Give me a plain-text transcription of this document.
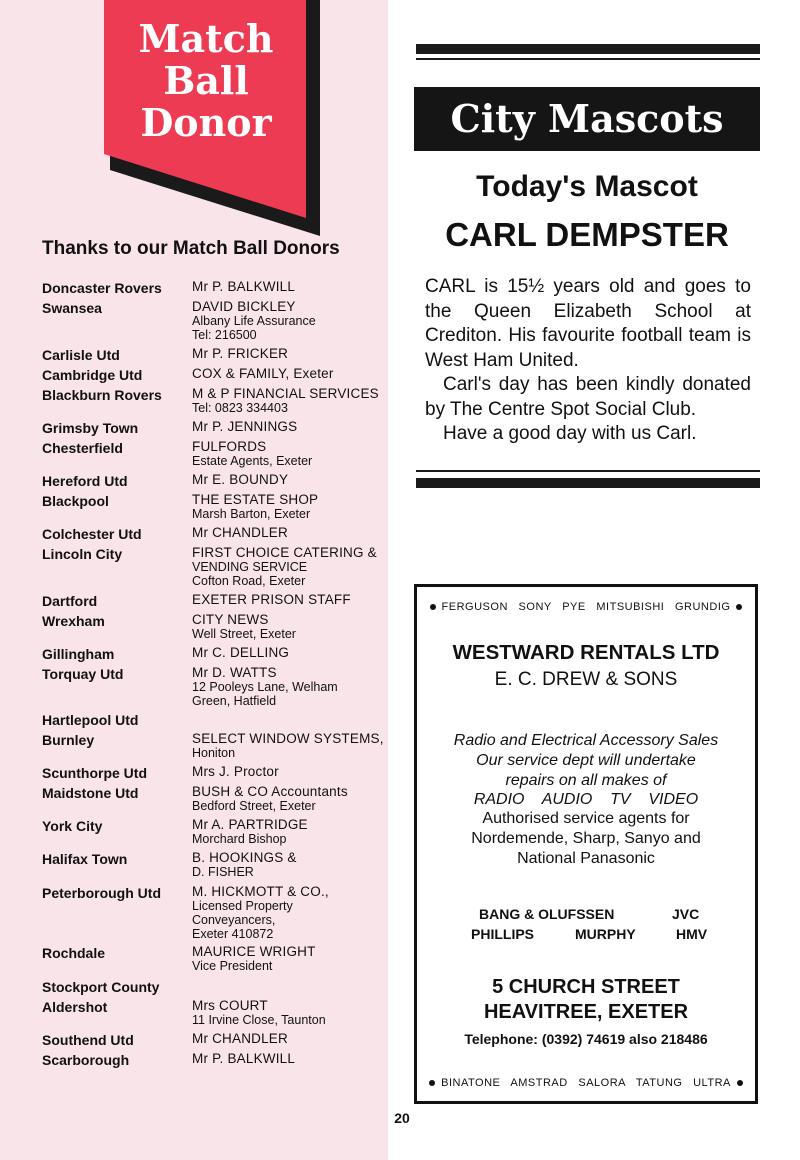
Match
Ball
Donor
Thanks to our Match Ball Donors
Doncaster Rovers	Mr P. BALKWILL
Swansea	DAVID BICKLEY
Albany Life Assurance
Tel: 216500
Carlisle Utd	Mr P. FRICKER
Cambridge Utd	COX & FAMILY, Exeter
Blackburn Rovers	M & P FINANCIAL SERVICES
Tel: 0823 334403
Grimsby Town	Mr P. JENNINGS
Chesterfield	FULFORDS
Estate Agents, Exeter
Hereford Utd	Mr E. BOUNDY
Blackpool	THE ESTATE SHOP
Marsh Barton, Exeter
Colchester Utd	Mr CHANDLER
Lincoln City	FIRST CHOICE CATERING &
VENDING SERVICE
Cofton Road, Exeter
Dartford	EXETER PRISON STAFF
Wrexham	CITY NEWS
Well Street, Exeter
Gillingham	Mr C. DELLING
Torquay Utd	Mr D. WATTS
12 Pooleys Lane, Welham
Green, Hatfield
Hartlepool Utd
Burnley	SELECT WINDOW SYSTEMS,
Honiton
Scunthorpe Utd	Mrs J. Proctor
Maidstone Utd	BUSH & CO Accountants
Bedford Street, Exeter
York City	Mr A. PARTRIDGE
Morchard Bishop
Halifax Town	B. HOOKINGS &
D. FISHER
Peterborough Utd	M. HICKMOTT & CO.,
Licensed Property
Conveyancers,
Exeter 410872
Rochdale	MAURICE WRIGHT
Vice President
Stockport County
Aldershot	Mrs COURT
11 Irvine Close, Taunton
Southend Utd	Mr CHANDLER
Scarborough	Mr P. BALKWILL
20
City Mascots
Today's Mascot
CARL DEMPSTER

CARL is 15½ years old and goes to the Queen Elizabeth School at Crediton. His favourite football team is West Ham United.

Carl's day has been kindly donated by The Centre Spot Social Club.

Have a good day with us Carl.

FERGUSON   SONY   PYE   MITSUBISHI   GRUNDIG
WESTWARD RENTALS LTD
E. C. DREW & SONS
Radio and Electrical Accessory Sales
Our service dept will undertake
repairs on all makes of
RADIO    AUDIO    TV    VIDEO
Authorised service agents for
Nordemende, Sharp, Sanyo and
National Panasonic
BANG & OLUFSSEN	JVC
PHILLIPS	MURPHY	HMV
5 CHURCH STREET
HEAVITREE, EXETER
Telephone: (0392) 74619 also 218486
BINATONE   AMSTRAD   SALORA   TATUNG   ULTRA
